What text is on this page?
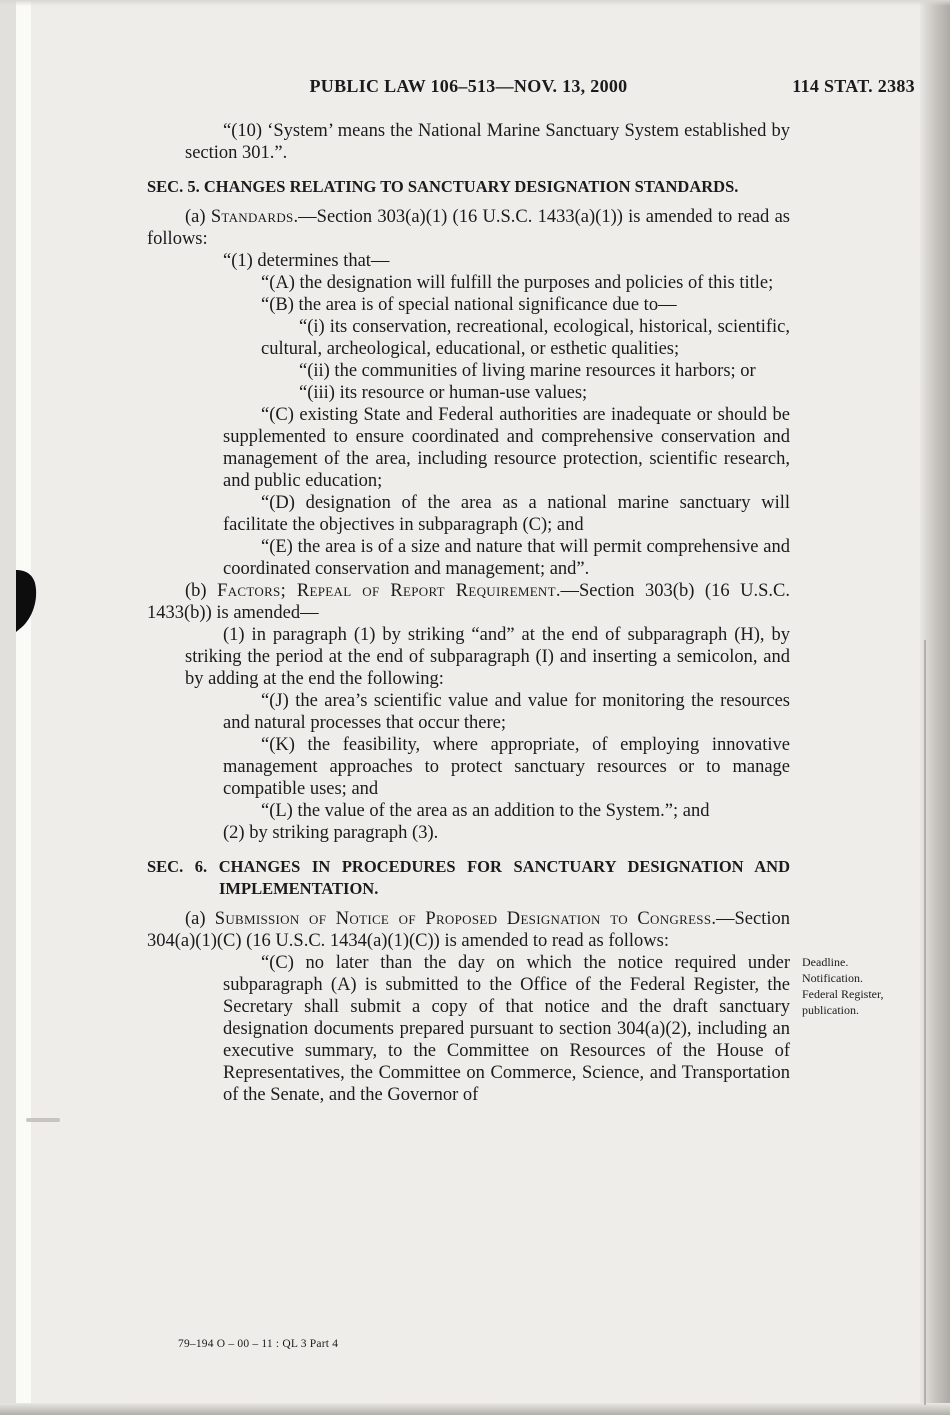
PUBLIC LAW 106–513—NOV. 13, 2000	114 STAT. 2383
“(10) ‘System’ means the National Marine Sanctuary System established by section 301.”.
SEC. 5. CHANGES RELATING TO SANCTUARY DESIGNATION STANDARDS.
(a) Standards.—Section 303(a)(1) (16 U.S.C. 1433(a)(1)) is amended to read as follows:
“(1) determines that—
“(A) the designation will fulfill the purposes and policies of this title;
“(B) the area is of special national significance due to—
“(i) its conservation, recreational, ecological, historical, scientific, cultural, archeological, educational, or esthetic qualities;
“(ii) the communities of living marine resources it harbors; or
“(iii) its resource or human-use values;
“(C) existing State and Federal authorities are inadequate or should be supplemented to ensure coordinated and comprehensive conservation and management of the area, including resource protection, scientific research, and public education;
“(D) designation of the area as a national marine sanctuary will facilitate the objectives in subparagraph (C); and
“(E) the area is of a size and nature that will permit comprehensive and coordinated conservation and management; and”.
(b) Factors; Repeal of Report Requirement.—Section 303(b) (16 U.S.C. 1433(b)) is amended—
(1) in paragraph (1) by striking “and” at the end of subparagraph (H), by striking the period at the end of subparagraph (I) and inserting a semicolon, and by adding at the end the following:
“(J) the area’s scientific value and value for monitoring the resources and natural processes that occur there;
“(K) the feasibility, where appropriate, of employing innovative management approaches to protect sanctuary resources or to manage compatible uses; and
“(L) the value of the area as an addition to the System.”; and
(2) by striking paragraph (3).
SEC. 6. CHANGES IN PROCEDURES FOR SANCTUARY DESIGNATION AND IMPLEMENTATION.
(a) Submission of Notice of Proposed Designation to Congress.—Section 304(a)(1)(C) (16 U.S.C. 1434(a)(1)(C)) is amended to read as follows:
“(C) no later than the day on which the notice required under subparagraph (A) is submitted to the Office of the Federal Register, the Secretary shall submit a copy of that notice and the draft sanctuary designation documents prepared pursuant to section 304(a)(2), including an executive summary, to the Committee on Resources of the House of Representatives, the Committee on Commerce, Science, and Transportation of the Senate, and the Governor of
Deadline.
Notification.
Federal Register,
publication.
79–194 O – 00 – 11 : QL 3 Part 4
